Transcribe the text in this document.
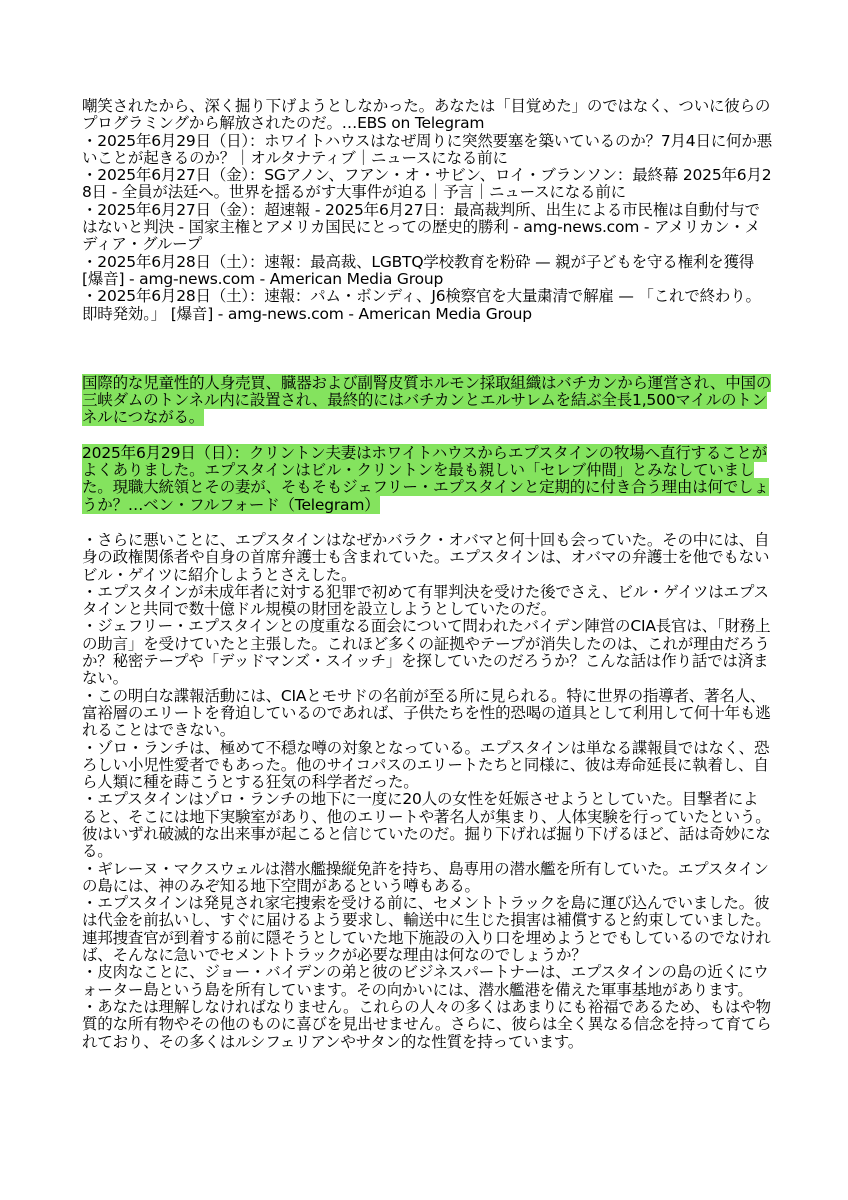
嘲笑されたから、深く掘り下げようとしなかった。あなたは「目覚めた」のではなく、ついに彼らのプログラミングから解放されたのだ。…EBS on Telegram

・2025年6月29日（日）：ホワイトハウスはなぜ周りに突然要塞を築いているのか？7月4日に何か悪いことが起きるのか？｜オルタナティブ｜ニュースになる前に

・2025年6月27日（金）：SGアノン、フアン・オ・サビン、ロイ・ブランソン：最終幕 2025年6月28日 - 全員が法廷へ。世界を揺るがす大事件が迫る｜予言｜ニュースになる前に

・2025年6月27日（金）：超速報 - 2025年6月27日：最高裁判所、出生による市民権は自動付与ではないと判決 - 国家主権とアメリカ国民にとっての歴史的勝利 - amg-news.com - アメリカン・メディア・グループ

・2025年6月28日（土）：速報：最高裁、LGBTQ学校教育を粉砕 — 親が子どもを守る権利を獲得 [爆音] - amg-news.com - American Media Group

・2025年6月28日（土）：速報：パム・ボンディ、J6検察官を大量粛清で解雇 — 「これで終わり。即時発効。」 [爆音] - amg-news.com - American Media Group

国際的な児童性的人身売買、臓器および副腎皮質ホルモン採取組織はバチカンから運営され、中国の三峡ダムのトンネル内に設置され、最終的にはバチカンとエルサレムを結ぶ全長1,500マイルのトンネルにつながる。

2025年6月29日（日）：クリントン夫妻はホワイトハウスからエプスタインの牧場へ直行することがよくありました。エプスタインはビル・クリントンを最も親しい「セレブ仲間」とみなしていました。現職大統領とその妻が、そもそもジェフリー・エプスタインと定期的に付き合う理由は何でしょうか？…ベン・フルフォード（Telegram）

・さらに悪いことに、エプスタインはなぜかバラク・オバマと何十回も会っていた。その中には、自身の政権関係者や自身の首席弁護士も含まれていた。エプスタインは、オバマの弁護士を他でもないビル・ゲイツに紹介しようとさえした。

・エプスタインが未成年者に対する犯罪で初めて有罪判決を受けた後でさえ、ビル・ゲイツはエプスタインと共同で数十億ドル規模の財団を設立しようとしていたのだ。

・ジェフリー・エプスタインとの度重なる面会について問われたバイデン陣営のCIA長官は、「財務上の助言」を受けていたと主張した。これほど多くの証拠やテープが消失したのは、これが理由だろうか？秘密テープや「デッドマンズ・スイッチ」を探していたのだろうか？こんな話は作り話では済まない。

・この明白な諜報活動には、CIAとモサドの名前が至る所に見られる。特に世界の指導者、著名人、富裕層のエリートを脅迫しているのであれば、子供たちを性的恐喝の道具として利用して何十年も逃れることはできない。

・ゾロ・ランチは、極めて不穏な噂の対象となっている。エプスタインは単なる諜報員ではなく、恐ろしい小児性愛者でもあった。他のサイコパスのエリートたちと同様に、彼は寿命延長に執着し、自ら人類に種を蒔こうとする狂気の科学者だった。

・エプスタインはゾロ・ランチの地下に一度に20人の女性を妊娠させようとしていた。目撃者によると、そこには地下実験室があり、他のエリートや著名人が集まり、人体実験を行っていたという。彼はいずれ破滅的な出来事が起こると信じていたのだ。掘り下げれば掘り下げるほど、話は奇妙になる。

・ギレーヌ・マクスウェルは潜水艦操縦免許を持ち、島専用の潜水艦を所有していた。エプスタインの島には、神のみぞ知る地下空間があるという噂もある。

・エプスタインは発見され家宅捜索を受ける前に、セメントトラックを島に運び込んでいました。彼は代金を前払いし、すぐに届けるよう要求し、輸送中に生じた損害は補償すると約束していました。連邦捜査官が到着する前に隠そうとしていた地下施設の入り口を埋めようとでもしているのでなければ、そんなに急いでセメントトラックが必要な理由は何なのでしょうか？

・皮肉なことに、ジョー・バイデンの弟と彼のビジネスパートナーは、エプスタインの島の近くにウォーター島という島を所有しています。その向かいには、潜水艦港を備えた軍事基地があります。

・あなたは理解しなければなりません。これらの人々の多くはあまりにも裕福であるため、もはや物質的な所有物やその他のものに喜びを見出せません。さらに、彼らは全く異なる信念を持って育てられており、その多くはルシフェリアンやサタン的な性質を持っています。
